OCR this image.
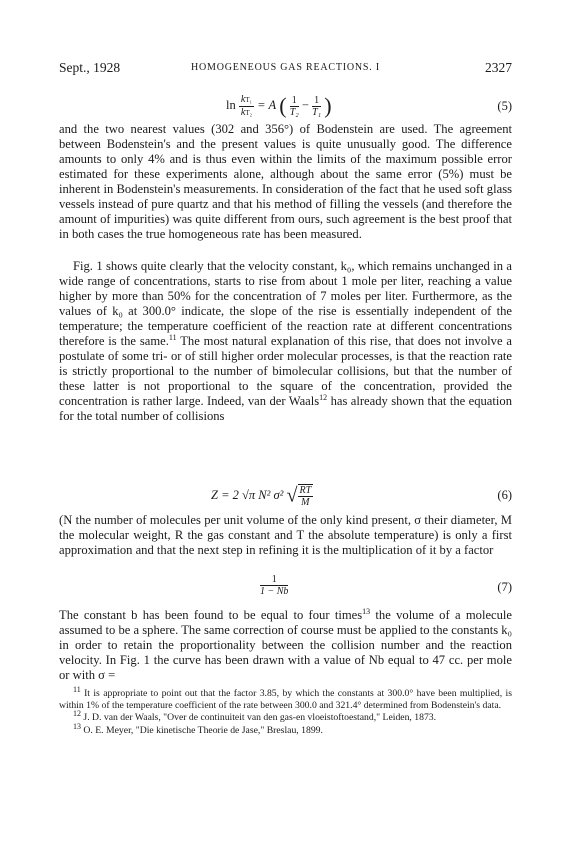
Sept., 1928	HOMOGENEOUS GAS REACTIONS. I	2327
$\ln \frac{\text{kT₁}}{\text{kT₂}} = A$ ( $\frac{1}{\text{T₂}} - \frac{1}{\text{T₁}}$ )	(5)

and the two nearest values (302 and 356°) of Bodenstein are used. The agreement between Bodenstein's and the present values is quite unusually good. The difference amounts to only 4% and is thus even within the limits of the maximum possible error estimated for these experiments alone, although about the same error (5%) must be inherent in Bodenstein's measurements. In consideration of the fact that he used soft glass vessels instead of pure quartz and that his method of filling the vessels (and therefore the amount of impurities) was quite different from ours, such agreement is the best proof that in both cases the true homogeneous rate has been measured.

Fig. 1 shows quite clearly that the velocity constant, k₀, which remains unchanged in a wide range of concentrations, starts to rise from about 1 mole per liter, reaching a value higher by more than 50% for the concentration of 7 moles per liter. Furthermore, as the values of k₀ at 300.0° indicate, the slope of the rise is essentially independent of the temperature; the temperature coefficient of the reaction rate at different concentrations therefore is the same.$^{11}$ The most natural explanation of this rise, that does not involve a postulate of some tri- or of still higher order molecular processes, is that the reaction rate is strictly proportional to the number of bimolecular collisions, but that the number of these latter is not proportional to the square of the concentration, provided the concentration is rather large. Indeed, van der Waals$^{12}$ has already shown that the equation for the total number of collisions

Z = 2 √π N² σ² √ $\frac{RT}{M}$	(6)

(N the number of molecules per unit volume of the only kind present, σ their diameter, M the molecular weight, R the gas constant and T the absolute temperature) is only a first approximation and that the next step in refining it is the multiplication of it by a factor

$\frac{1}{1 - Nb}$	(7)

The constant b has been found to be equal to four times$^{13}$ the volume of a molecule assumed to be a sphere. The same correction of course must be applied to the constants k₀ in order to retain the proportionality between the collision number and the reaction velocity. In Fig. 1 the curve has been drawn with a value of Nb equal to 47 cc. per mole or with σ =

$^{11}$ It is appropriate to point out that the factor 3.85, by which the constants at 300.0° have been multiplied, is within 1% of the temperature coefficient of the rate between 300.0 and 321.4° determined from Bodenstein's data.

$^{12}$ J. D. van der Waals, "Over de continuiteit van den gas-en vloeistoftoestand," Leiden, 1873.

$^{13}$ O. E. Meyer, "Die kinetische Theorie de Jase," Breslau, 1899.
